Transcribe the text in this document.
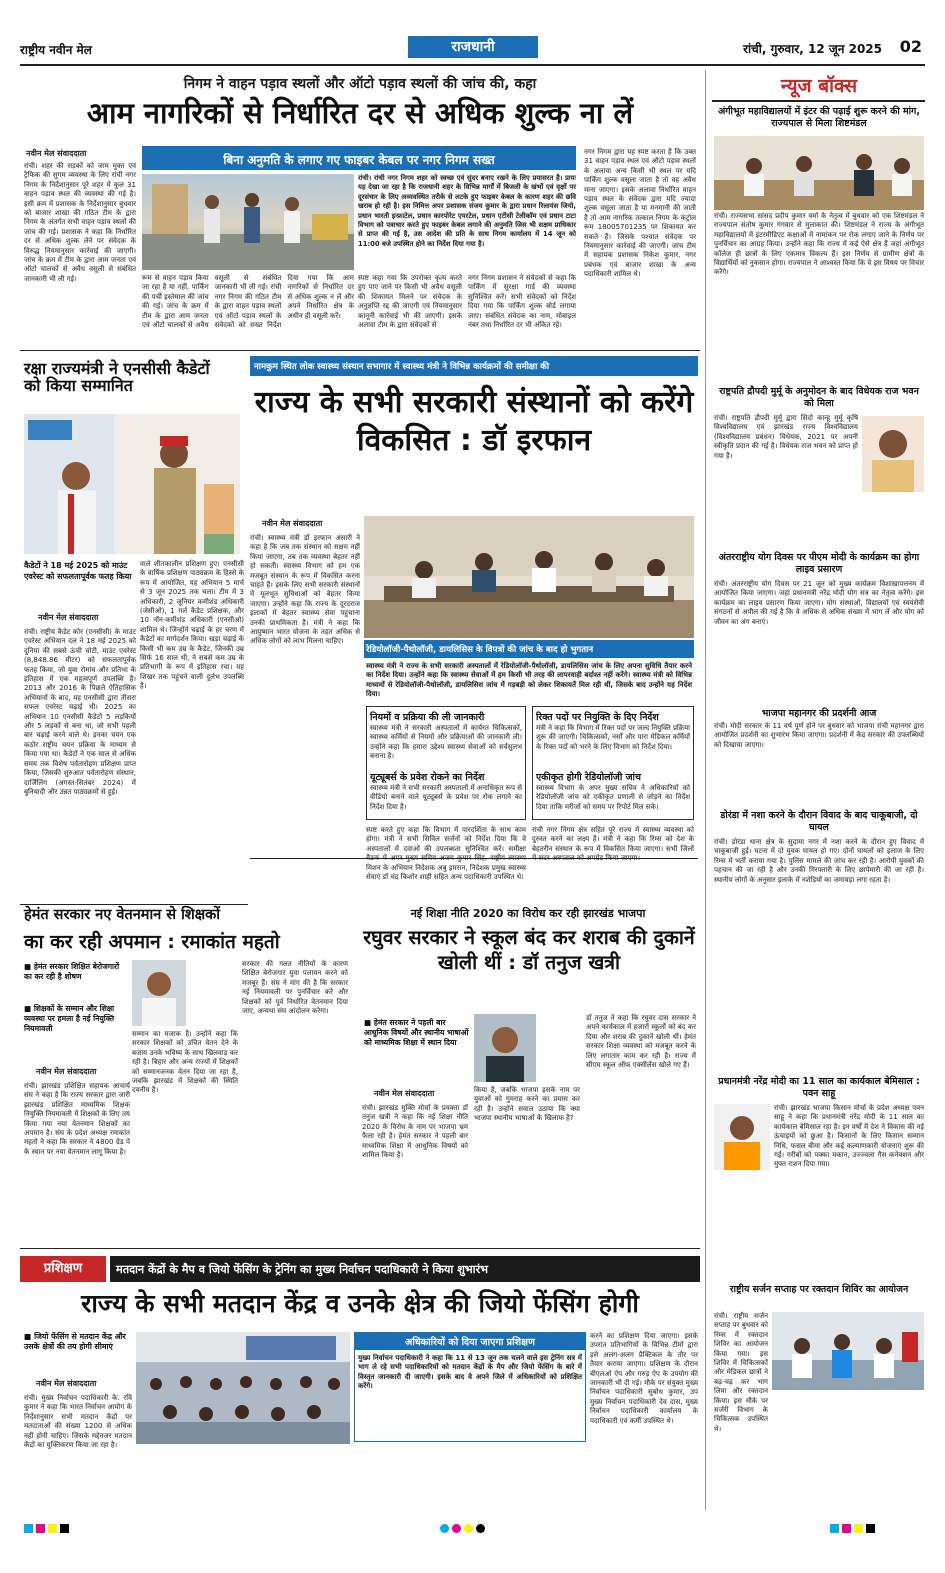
राष्ट्रीय नवीन मेल	राजधानी	रांची, गुरुवार, 12 जून 2025	02
निगम ने वाहन पड़ाव स्थलों और ऑटो पड़ाव स्थलों की जांच की, कहा
आम नागरिकों से निर्धारित दर से अधिक शुल्क ना लें
नवीन मेल संवाददाता
रांची। शहर की सड़कों को जाम मुक्त एवं ट्रैफिक की सुगम व्यवस्था के लिए रांची नगर निगम के निर्देशानुसार पूरे शहर में कुल 31 वाहन पड़ाव स्थल की व्यवस्था की गई है। इसी क्रम में प्रशासक के निर्देशानुसार बुधवार को बाजार शाखा की गठित टीम के द्वारा निगम के अंतर्गत सभी वाहन पड़ाव स्थलों की जांच की गई। प्रशासक ने कहा कि निर्धारित दर से अधिक शुल्क लेने पर संवेदक के विरुद्ध नियमानुसार कार्रवाई की जाएगी। जांच के क्रम में टीम के द्वारा आम जनता एवं ऑटो चालकों से अवैध वसूली से संबंधित जानकारी भी ली गई।
बिना अनुमति के लगाए गए फाइबर केबल पर नगर निगम सख्त
रांची। रांची नगर निगम शहर को स्वच्छ एवं सुंदर बनाए रखने के लिए प्रयासरत है। प्रायः यह देखा जा रहा है कि राजधानी शहर के विभिन्न मार्गों में बिजली के खंभों एवं वृक्षों पर दूरसंचार के लिए अव्यवस्थित तरीके से लटके हुए फाइबर केबल के कारण शहर की छवि खराब हो रही है। इस निमित्त अपर प्रशासक संजय कुमार के द्वारा प्रधान रिलायंस जियो, प्रधान भारती इन्फ्राटेल, प्रधान कारपोरेट एयरटेल, प्रधान एटीसी टेलीकॉम एवं प्रधान टाटा विभाग को पत्राचार करते हुए फाइबर केबल लगाने की अनुमति जिस भी सक्षम प्राधिकार से प्राप्त की गई है, उस आदेश की प्रति के साथ निगम कार्यालय में 14 जून को 11:00 बजे उपस्थित होने का निर्देश दिया गया है।
रूम से वाहन पड़ाव किया जा रहा है या नहीं, पार्किंग की पर्ची इस्तेमाल की जांच की गई। जांच के क्रम में टीम के द्वारा आम जनता एवं ऑटो चालकों से अवैध वसूली से संबंधित जानकारी भी ली गई। रांची नगर निगम की गठित टीम के द्वारा वाहन पड़ाव स्थलों एवं ऑटो पड़ाव स्थलों के संवेदकों को सख्त निर्देश दिया गया कि आम नागरिकों से निर्धारित दर से अधिक शुल्क न लें और अपने निर्धारित क्षेत्र के अधीन ही वसूली करें।
स्पष्ट कहा गया कि उपरोक्त कृत्य करते हुए पाए जाने पर किसी भी अवैध वसूली की शिकायत मिलने पर संवेदक के अनुज्ञप्ति रद्द की जाएगी एवं नियमानुसार कानूनी कार्रवाई भी की जाएगी। इसके अलावा टीम के द्वारा संवेदकों से
नगर निगम प्रशासन ने संवेदकों से कहा कि पार्किंग में सुरक्षा गार्ड की व्यवस्था सुनिश्चित करें। सभी संवेदकों को निर्देश दिया गया कि पार्किंग शुल्क बोर्ड लगाया जाए। संबंधित संवेदक का नाम, मोबाइल नंबर तथा निर्धारित दर भी अंकित रहे।
नगर निगम द्वारा यह स्पष्ट करता है कि उक्त 31 वाहन पड़ाव स्थल एवं ऑटो पड़ाव स्थलों के अलावा अन्य किसी भी स्थल पर यदि पार्किंग शुल्क वसूला जाता है तो वह अवैध माना जाएगा। इसके अलावा निर्धारित वाहन पड़ाव स्थल के संवेदक द्वारा यदि ज्यादा शुल्क वसूला जाता है या मनमानी की जाती है तो आम नागरिक तत्काल निगम के कंट्रोल रूम 18005701235 पर शिकायत कर सकते हैं। जिसके पश्चात संवेदक पर नियमानुसार कार्रवाई की जाएगी। जांच टीम में सहायक प्रशासक निकेश कुमार, नगर प्रबंधक एवं बाजार शाखा के अन्य पदाधिकारी शामिल थे।
रक्षा राज्यमंत्री ने एनसीसी कैडेटों को किया सम्मानित
कैडेटों ने 18 मई 2025 को माउंट एवरेस्ट को सफलतापूर्वक फतह किया
नवीन मेल संवाददाता
रांची। राष्ट्रीय कैडेट कोर (एनसीसी) के माउंट एवरेस्ट अभियान दल ने 18 मई 2025 को दुनिया की सबसे ऊंची चोटी, माउंट एवरेस्ट (8,848.86 मीटर) को सफलतापूर्वक फतह किया, जो युवा रोमांच और प्रतिभा के इतिहास में एक महत्वपूर्ण उपलब्धि है। 2013 और 2016 के पिछले ऐतिहासिक अभियानों के बाद, यह एनसीसी द्वारा तीसरा सफल एवरेस्ट चढ़ाई थी। 2025 का अभियान 10 एनसीसी कैडेटों 5 लड़कियों और 5 लड़कों से बना था, जो सभी पहली बार चढ़ाई करने वाले थे। इनका चयन एक कठोर राष्ट्रीय चयन प्रक्रिया के माध्यम से किया गया था। कैडेटों ने एक साल से अधिक समय तक विशेष पर्वतारोहण प्रशिक्षण प्राप्त किया, जिसकी शुरुआत पर्वतारोहण संस्थान, दार्जिलिंग (अगस्त-सितंबर 2024) में बुनियादी और उन्नत पाठ्यक्रमों से हुई।
वाले शीतकालीन प्रशिक्षण हुए। एनसीसी के वार्षिक प्रशिक्षण पाठ्यक्रम के हिस्से के रूप में आयोजित, यह अभियान 5 मार्च से 3 जून 2025 तक चला। टीम में 3 अधिकारी, 2 जूनियर कमीशंड अधिकारी (जेसीओ), 1 गर्ल कैडेट प्रशिक्षक, और 10 नॉन-कमीशंड अधिकारी (एनसीओ) शामिल थे। जिन्होंने चढ़ाई के हर चरण में कैडेटों का मार्गदर्शन किया। खड़ा चढ़ाई के किसी भी कम उम्र के कैडेट, जिनकी उम्र सिर्फ 16 साल थी, ने सबसे कम उम्र के प्रतिभागी के रूप में इतिहास रचा। यह शिखर तक पहुंचने वाली दुर्लभ उपलब्धि है।
नामकुम स्थित लोक स्वास्थ्य संस्थान सभागार में स्वास्थ्य मंत्री ने विभिन्न कार्यक्रमों की समीक्षा की
राज्य के सभी सरकारी संस्थानों को करेंगे विकसित : डॉ इरफान
नवीन मेल संवाददाता
रांची। स्वास्थ्य मंत्री डॉ इरफान अंसारी ने कहा है कि जब तक संस्थान को सक्षम नहीं किया जाएगा, तब तक व्यवस्था बेहतर नहीं हो सकती। स्वास्थ्य विभाग को हम एक मजबूत संस्थान के रूप में विकसित करना चाहते हैं। इसके लिए सभी सरकारी संस्थानों में मूलभूत सुविधाओं को बेहतर किया जाएगा। उन्होंने कहा कि राज्य के दूरदराज इलाकों में बेहतर स्वास्थ्य सेवा पहुंचाना उनकी प्राथमिकता है। मंत्री ने कहा कि आयुष्मान भारत योजना के तहत अधिक से अधिक लोगों को लाभ मिलना चाहिए।
रेडियोलॉजी-पैथोलॉजी, डायलिसिस के विपत्रों की जांच के बाद हो भुगतान
स्वास्थ्य मंत्री ने राज्य के सभी सरकारी अस्पतालों में रेडियोलॉजी-पैथोलॉजी, डायलिसिस जांच के लिए अपना सुविधि तैयार करने का निर्देश दिया। उन्होंने कहा कि स्वास्थ्य सेवाओं में हम किसी भी तरह की लापरवाही बर्दाश्त नहीं करेंगे। स्वास्थ्य मंत्री को विभिन्न माध्यमों से रेडियोलॉजी-पैथोलॉजी, डायलिसिस जांच में गड़बड़ी को लेकर शिकायतें मिल रही थीं, जिसके बाद उन्होंने यह निर्देश दिया।
नियमों व प्रक्रिया की ली जानकारी
स्वास्थ्य मंत्री ने सरकारी अस्पतालों में कार्यरत चिकित्सकों, स्वास्थ्य कर्मियों से नियमों और प्रक्रियाओं की जानकारी ली। उन्होंने कहा कि हमारा उद्देश्य स्वास्थ्य सेवाओं को सर्वसुलभ बनाना है।
यूट्यूबर्स के प्रवेश रोकने का निर्देश
स्वास्थ्य मंत्री ने सभी सरकारी अस्पतालों में अनाधिकृत रूप से वीडियो बनाने वाले यूट्यूबर्स के प्रवेश पर रोक लगाने का निर्देश दिया है।
रिक्त पदों पर नियुक्ति के दिए निर्देश
मंत्री ने कहा कि विभाग में रिक्त पदों पर जल्द नियुक्ति प्रक्रिया शुरू की जाएगी। चिकित्सकों, नर्सों और पारा मेडिकल कर्मियों के रिक्त पदों को भरने के लिए विभाग को निर्देश दिया।
एकीकृत होगी रेडियोलॉजी जांच
स्वास्थ्य विभाग के अपर मुख्य सचिव ने अधिकारियों को रेडियोलॉजी जांच को एकीकृत प्रणाली से जोड़ने का निर्देश दिया ताकि मरीजों को समय पर रिपोर्ट मिल सके।
स्पष्ट करते हुए कहा कि विभाग में पारदर्शिता के साथ काम होगा। मंत्री ने सभी सिविल सर्जनों को निर्देश दिया कि वे अस्पतालों में दवाओं की उपलब्धता सुनिश्चित करें। समीक्षा मिशन के अभियान निदेशक अबु इमरान, निदेशक प्रमुख स्वास्थ्य सेवाएं डॉ चंद्र किशोर शाही सहित अन्य पदाधिकारी उपस्थित थे।
रांची नगर निगम क्षेत्र सहित पूरे राज्य में स्वास्थ्य व्यवस्था को दुरुस्त करने का लक्ष्य है। मंत्री ने कहा कि रिम्स को देश के बेहतरीन संस्थान के रूप में विकसित किया जाएगा। सभी जिलों
हेमंत सरकार नए वेतनमान से शिक्षकों
का कर रही अपमान : रमाकांत महतो
■ हेमंत सरकार शिक्षित बेरोजगारों का कर रही है शोषण
■ शिक्षकों के सम्मान और शिक्षा व्यवस्था पर हमला है नई नियुक्ति नियमावली
नवीन मेल संवाददाता
रांची। झारखंड प्रशिक्षित सहायक आचार्य संघ ने कहा है कि राज्य सरकार द्वारा जारी झारखंड प्रशिक्षित माध्यमिक शिक्षक नियुक्ति नियमावली में शिक्षकों के लिए तय किया गया नया वेतनमान शिक्षकों का अपमान है। संघ के प्रदेश अध्यक्ष रमाकांत महतो ने कहा कि सरकार ने 4800 ग्रेड पे के स्थान पर नया वेतनमान लागू किया है।
सम्मान का मजाक है। उन्होंने कहा कि सरकार शिक्षकों को उचित वेतन देने के बजाय उनके भविष्य के साथ खिलवाड़ कर रही है। बिहार और अन्य राज्यों में शिक्षकों को सम्मानजनक वेतन दिया जा रहा है, जबकि झारखंड में शिक्षकों की स्थिति दयनीय है।
सरकार की गलत नीतियों के कारण शिक्षित बेरोजगार युवा पलायन करने को मजबूर हैं। संघ ने मांग की है कि सरकार नई नियमावली पर पुनर्विचार करे और शिक्षकों को पूर्व निर्धारित वेतनमान दिया जाए, अन्यथा संघ आंदोलन करेगा।
नई शिक्षा नीति 2020 का विरोध कर रही झारखंड भाजपा
रघुवर सरकार ने स्कूल बंद कर शराब की दुकानें खोली थीं : डॉ तनुज खत्री
■ हेमंत सरकार ने पहली बार आधुनिक विषयों और स्थानीय भाषाओं को माध्यमिक शिक्षा में स्थान दिया
नवीन मेल संवाददाता
रांची। झारखंड मुक्ति मोर्चा के प्रवक्ता डॉ तनुज खत्री ने कहा कि नई शिक्षा नीति 2020 के विरोध के नाम पर भाजपा भ्रम फैला रही है। हेमंत सरकार ने पहली बार माध्यमिक शिक्षा में आधुनिक विषयों को शामिल किया है।
किया है, जबकि भाजपा इसके नाम पर युवाओं को गुमराह करने का प्रयास कर रही है। उन्होंने सवाल उठाया कि क्या भाजपा स्थानीय भाषाओं के खिलाफ है?
डॉ तनुज ने कहा कि रघुवर दास सरकार ने अपने कार्यकाल में हजारों स्कूलों को बंद कर दिया और शराब की दुकानें खोली थीं। हेमंत सरकार शिक्षा व्यवस्था को मजबूत करने के लिए लगातार काम कर रही है। राज्य में सीएम स्कूल ऑफ एक्सीलेंस खोले गए हैं।
प्रशिक्षण	मतदान केंद्रों के मैप व जियो फेंसिंग के ट्रेनिंग का मुख्य निर्वाचन पदाधिकारी ने किया शुभारंभ
राज्य के सभी मतदान केंद्र व उनके क्षेत्र की जियो फेंसिंग होगी
■ जियो फेंसिंग से मतदान केंद्र और उसके क्षेत्रों की तय होगी सीमाएं
नवीन मेल संवाददाता
रांची। मुख्य निर्वाचन पदाधिकारी के. रवि कुमार ने कहा कि भारत निर्वाचन आयोग के निर्देशानुसार सभी मतदान केंद्रों पर मतदाताओं की संख्या 1200 से अधिक नहीं होनी चाहिए। जिसके मद्देनजर मतदान केंद्रों का युक्तिकरण किया जा रहा है।
अधिकारियों को दिया जाएगा प्रशिक्षण
मुख्य निर्वाचन पदाधिकारी ने कहा कि 11 से 13 जून तक चलने वाले इस ट्रेनिंग सत्र में भाग ले रहे सभी पदाधिकारियों को मतदान केंद्रों के मैप और जियो फेंसिंग के बारे में विस्तृत जानकारी दी जाएगी। इसके बाद वे अपने जिले में अधिकारियों को प्रशिक्षित करेंगे।
करने का प्रशिक्षण दिया जाएगा। इसके उपरांत प्रतिभागियों के विभिन्न टीमों द्वारा इसे अलग-अलग प्रैक्टिकल के तौर पर तैयार कराया जाएगा। प्रशिक्षण के दौरान बीएलओ ऐप और गरुड़ ऐप के उपयोग की जानकारी भी दी गई। मौके पर संयुक्त मुख्य निर्वाचन पदाधिकारी सुबोध कुमार, उप मुख्य निर्वाचन पदाधिकारी देव दास, मुख्य निर्वाचन पदाधिकारी कार्यालय के पदाधिकारी एवं कर्मी उपस्थित थे।
न्यूज बॉक्स
अंगीभूत महाविद्यालयों में इंटर की पढ़ाई शुरू करने की मांग, राज्यपाल से मिला शिष्टमंडल
रांची। राज्यसभा सांसद प्रदीप कुमार वर्मा के नेतृत्व में बुधवार को एक शिष्टमंडल ने राज्यपाल संतोष कुमार गंगवार से मुलाकात की। शिष्टमंडल ने राज्य के अंगीभूत महाविद्यालयों में इंटरमीडिएट कक्षाओं में नामांकन पर रोक लगाए जाने के निर्णय पर पुनर्विचार का आग्रह किया। उन्होंने कहा कि राज्य में कई ऐसे क्षेत्र हैं जहां अंगीभूत कॉलेज ही छात्रों के लिए एकमात्र विकल्प हैं। इस निर्णय से ग्रामीण क्षेत्रों के विद्यार्थियों को नुकसान होगा। राज्यपाल ने आश्वस्त किया कि वे इस विषय पर विचार करेंगे।
राष्ट्रपति द्रौपदी मुर्मू के अनुमोदन के बाद विधेयक राज भवन को मिला
रांची। राष्ट्रपति द्रौपदी मुर्मू द्वारा सिदो कान्हू मुर्मू कृषि विश्वविद्यालय एवं झारखंड राज्य विश्वविद्यालय (विश्वविद्यालय प्रबंधन) विधेयक, 2021 पर अपनी स्वीकृति प्रदान की गई है। विधेयक राज भवन को प्राप्त हो गया है।
अंतरराष्ट्रीय योग दिवस पर पीएम मोदी के कार्यक्रम का होगा लाइव प्रसारण
रांची। अंतरराष्ट्रीय योग दिवस पर 21 जून को मुख्य कार्यक्रम विशाखापत्तनम में आयोजित किया जाएगा। जहां प्रधानमंत्री नरेंद्र मोदी योग सत्र का नेतृत्व करेंगे। इस कार्यक्रम का लाइव प्रसारण किया जाएगा। योग संस्थाओं, विद्यालयों एवं स्वयंसेवी संगठनों से अपील की गई है कि वे अधिक से अधिक संख्या में भाग लें और योग को जीवन का अंग बनाएं।
भाजपा महानगर की प्रदर्शनी आज
रांची। मोदी सरकार के 11 वर्ष पूर्ण होने पर बुधवार को भाजपा रांची महानगर द्वारा आयोजित प्रदर्शनी का शुभारंभ किया जाएगा। प्रदर्शनी में केंद्र सरकार की उपलब्धियों को दिखाया जाएगा।
डोरंडा में नशा करने के दौरान विवाद के बाद चाकूबाजी, दो घायल
रांची। डोरंडा थाना क्षेत्र के सुदामा नगर में नशा करने के दौरान हुए विवाद में चाकूबाजी हुई। घटना में दो युवक घायल हो गए। दोनों घायलों को इलाज के लिए रिम्स में भर्ती कराया गया है। पुलिस मामले की जांच कर रही है। आरोपी युवकों की पहचान की जा रही है और उनकी गिरफ्तारी के लिए छापेमारी की जा रही है। स्थानीय लोगों के अनुसार इलाके में नशेड़ियों का जमावड़ा लगा रहता है।
प्रधानमंत्री नरेंद्र मोदी का 11 साल का कार्यकाल बेमिसाल : पवन साहू
रांची। झारखंड भाजपा किसान मोर्चा के प्रदेश अध्यक्ष पवन साहू ने कहा कि प्रधानमंत्री नरेंद्र मोदी के 11 साल का कार्यकाल बेमिसाल रहा है। इन वर्षों में देश ने विकास की नई ऊंचाइयों को छुआ है। किसानों के लिए किसान सम्मान निधि, फसल बीमा और कई कल्याणकारी योजनाएं शुरू की गईं। गरीबों को पक्का मकान, उज्ज्वला गैस कनेक्शन और मुफ्त राशन दिया गया।
राष्ट्रीय सर्जन सप्ताह पर रक्तदान शिविर का आयोजन
रांची। राष्ट्रीय सर्जन सप्ताह पर बुधवार को रिम्स में रक्तदान शिविर का आयोजन किया गया। इस शिविर में चिकित्सकों और मेडिकल छात्रों ने बढ़-चढ़ कर भाग लिया और रक्तदान किया। इस मौके पर सर्जरी विभाग के चिकित्सक उपस्थित थे।
